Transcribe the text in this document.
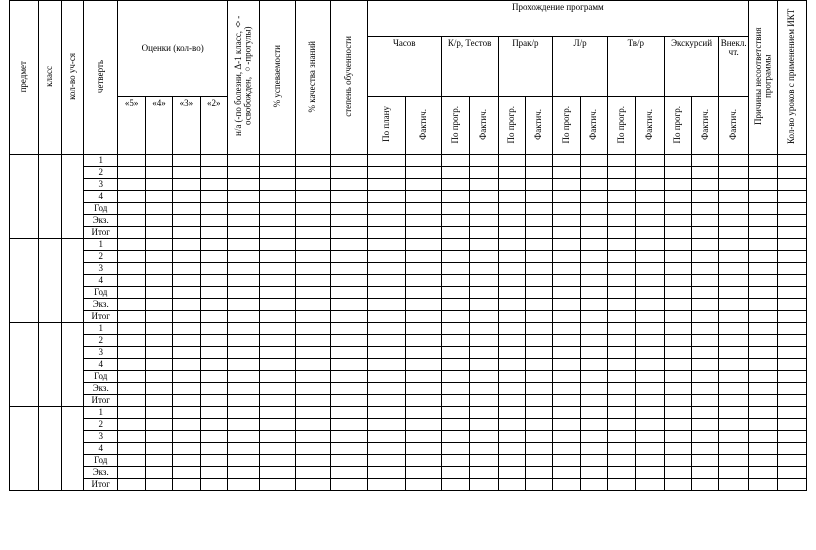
предмет	класс	кол-во уч-ся	четверть	Оценки (кол-во)				н/а (-по болезни, Δ-1 класс, ◊- освобожден, ○-прогулы)	% успеваемости	% качества знаний	степень обученности	Прохождение программ													Причины несоответствия программы	Кол-во уроков с применением ИКТ
												Часов		К/р, Тестов		Прак/р		Л/р		Тв/р		Экскурсий		Внекл. чт.		
				«5»	«4»	«3»	«2»					По плану	Фактич.	По прогр.	Фактич.	По прогр.	Фактич.	По прогр.	Фактич.	По прогр.	Фактич.	По прогр.	Фактич.	Фактич.		
			1																							
			2																							
			3																							
			4																							
			Год																							
			Экз.																							
			Итог																							
			1																							
			2																							
			3																							
			4																							
			Год																							
			Экз.																							
			Итог																							
			1																							
			2																							
			3																							
			4																							
			Год																							
			Экз.																							
			Итог																							
			1																							
			2																							
			3																							
			4																							
			Год																							
			Экз.																							
			Итог																							
